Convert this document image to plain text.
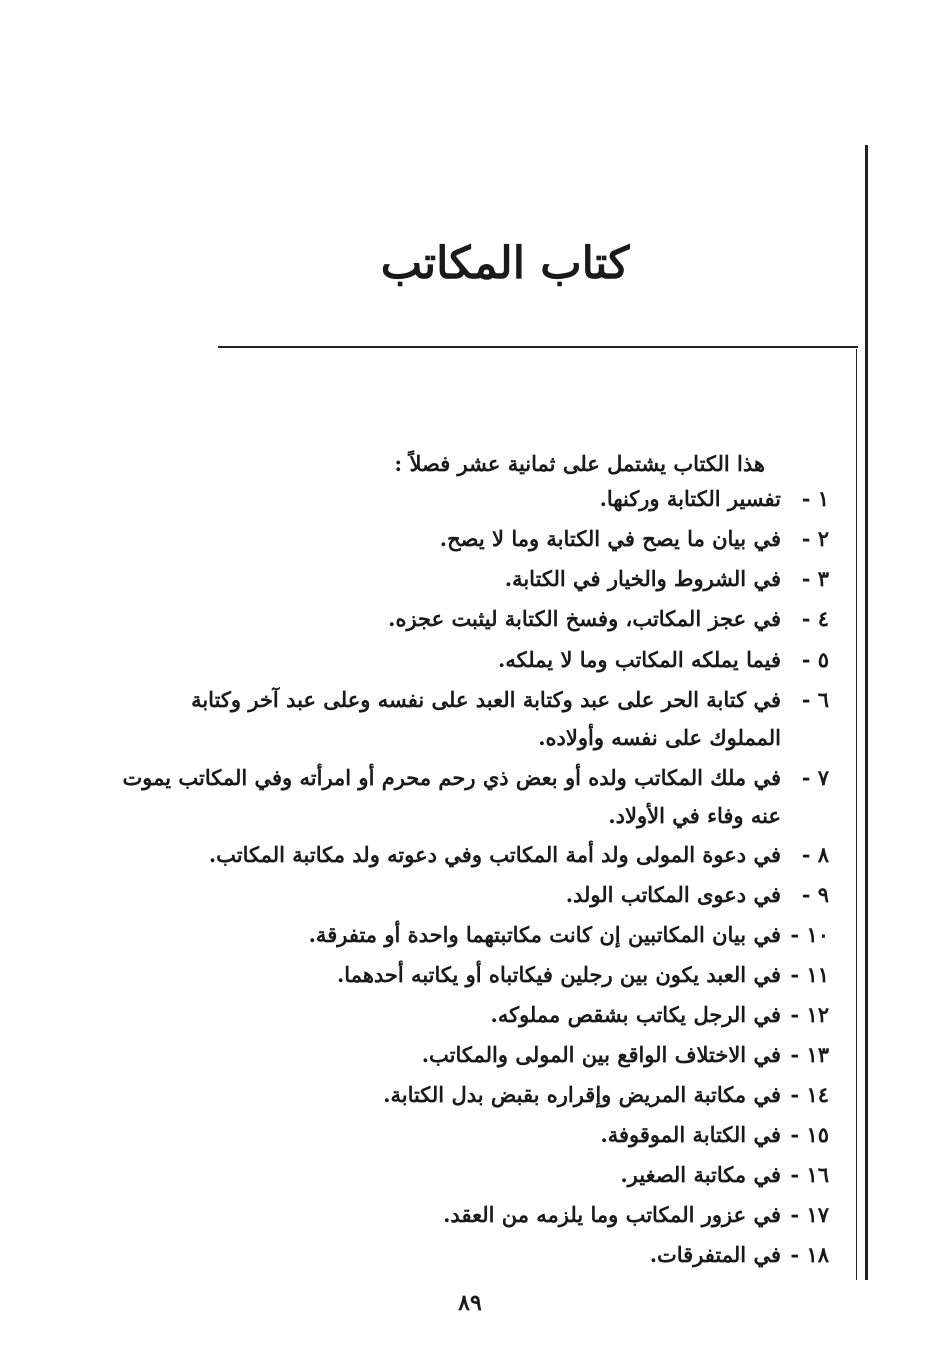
كتاب المكاتب

هذا الكتاب يشتمل على ثمانية عشر فصلاً :

١ -
تفسير الكتابة وركنها.
٢ -
في بيان ما يصح في الكتابة وما لا يصح.
٣ -
في الشروط والخيار في الكتابة.
٤ -
في عجز المكاتب، وفسخ الكتابة ليثبت عجزه.
٥ -
فيما يملكه المكاتب وما لا يملكه.
٦ -
في كتابة الحر على عبد وكتابة العبد على نفسه وعلى عبد آخر وكتابة المملوك على نفسه وأولاده.
٧ -
في ملك المكاتب ولده أو بعض ذي رحم محرم أو امرأته وفي المكاتب يموت عنه وفاء في الأولاد.
٨ -
في دعوة المولى ولد أمة المكاتب وفي دعوته ولد مكاتبة المكاتب.
٩ -
في دعوى المكاتب الولد.
١٠ -
في بيان المكاتبين إن كانت مكاتبتهما واحدة أو متفرقة.
١١ -
في العبد يكون بين رجلين فيكاتباه أو يكاتبه أحدهما.
١٢ -
في الرجل يكاتب بشقص مملوكه.
١٣ -
في الاختلاف الواقع بين المولى والمكاتب.
١٤ -
في مكاتبة المريض وإقراره بقبض بدل الكتابة.
١٥ -
في الكتابة الموقوفة.
١٦ -
في مكاتبة الصغير.
١٧ -
في عزور المكاتب وما يلزمه من العقد.
١٨ -
في المتفرقات.
٨٩
